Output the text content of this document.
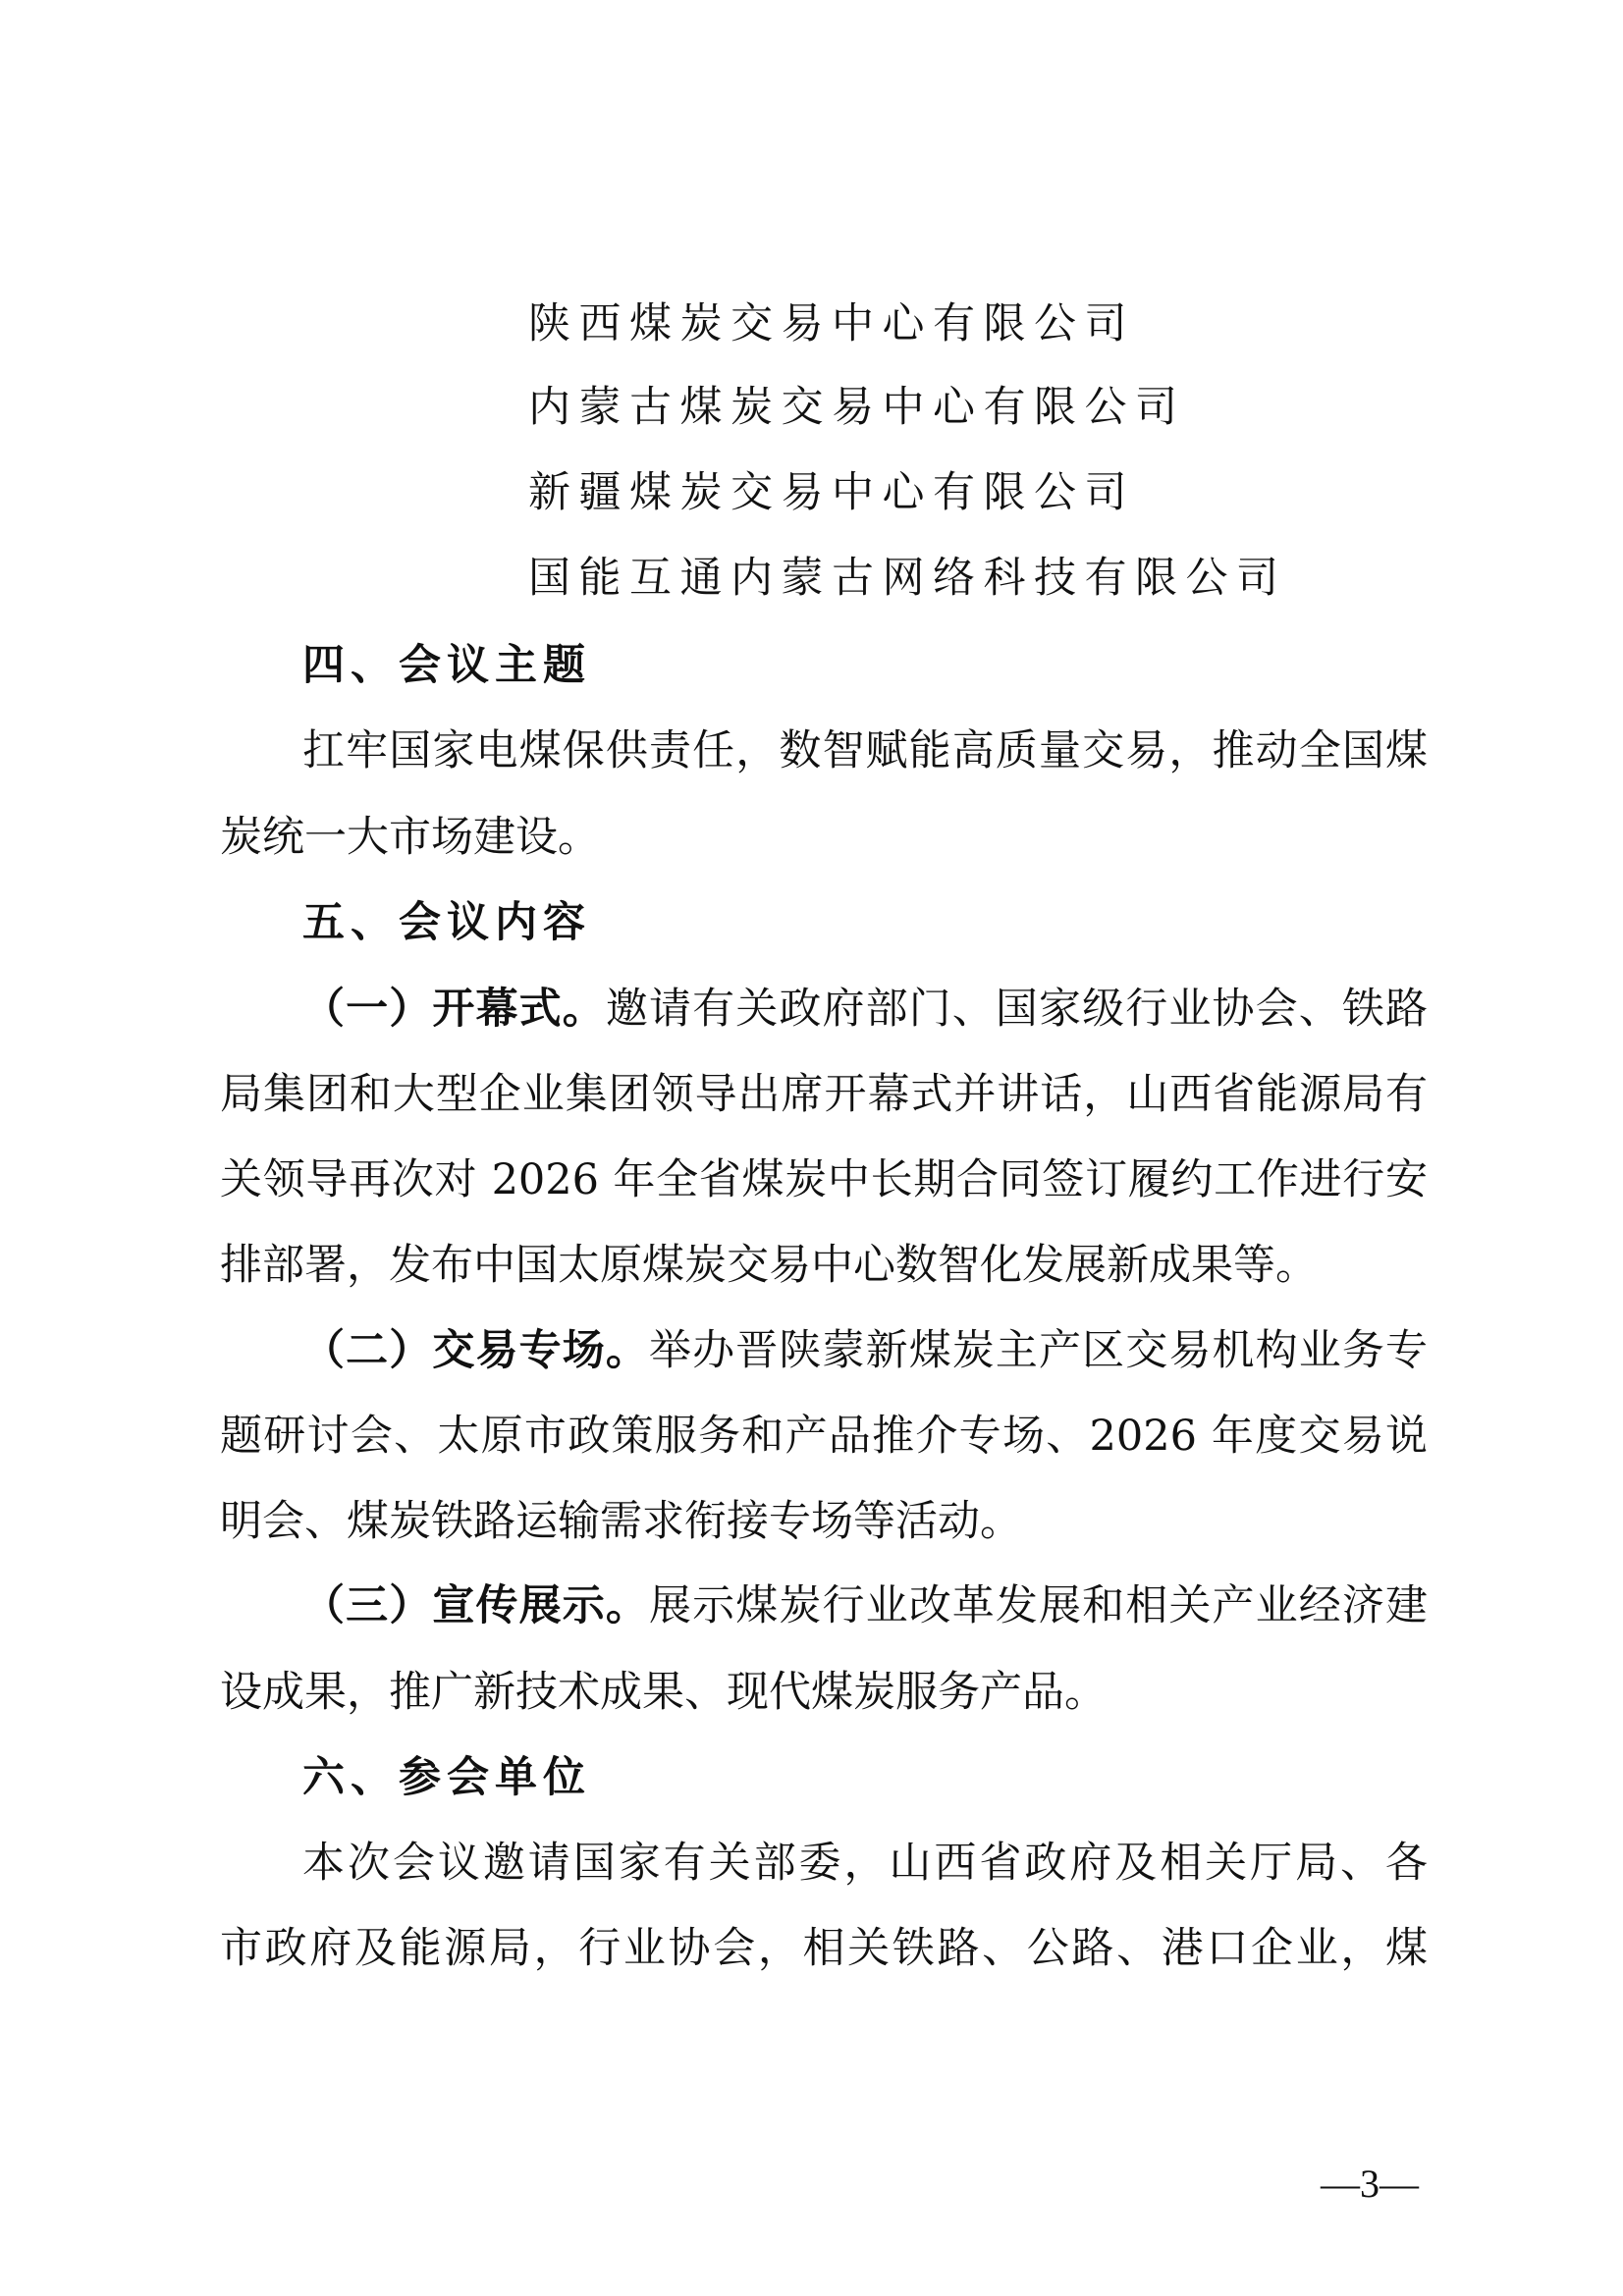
陕西煤炭交易中心有限公司
内蒙古煤炭交易中心有限公司
新疆煤炭交易中心有限公司
国能互通内蒙古网络科技有限公司
四、会议主题
扛牢国家电煤保供责任，数智赋能高质量交易，推动全国煤
炭统一大市场建设。
五、会议内容
（一）开幕式。邀请有关政府部门、国家级行业协会、铁路
局集团和大型企业集团领导出席开幕式并讲话，山西省能源局有
关领导再次对 2026 年全省煤炭中长期合同签订履约工作进行安
排部署，发布中国太原煤炭交易中心数智化发展新成果等。
（二）交易专场。举办晋陕蒙新煤炭主产区交易机构业务专
题研讨会、太原市政策服务和产品推介专场、2026 年度交易说
明会、煤炭铁路运输需求衔接专场等活动。
（三）宣传展示。展示煤炭行业改革发展和相关产业经济建
设成果，推广新技术成果、现代煤炭服务产品。
六、参会单位
本次会议邀请国家有关部委，山西省政府及相关厅局、各
市政府及能源局，行业协会，相关铁路、公路、港口企业，煤
—3—
